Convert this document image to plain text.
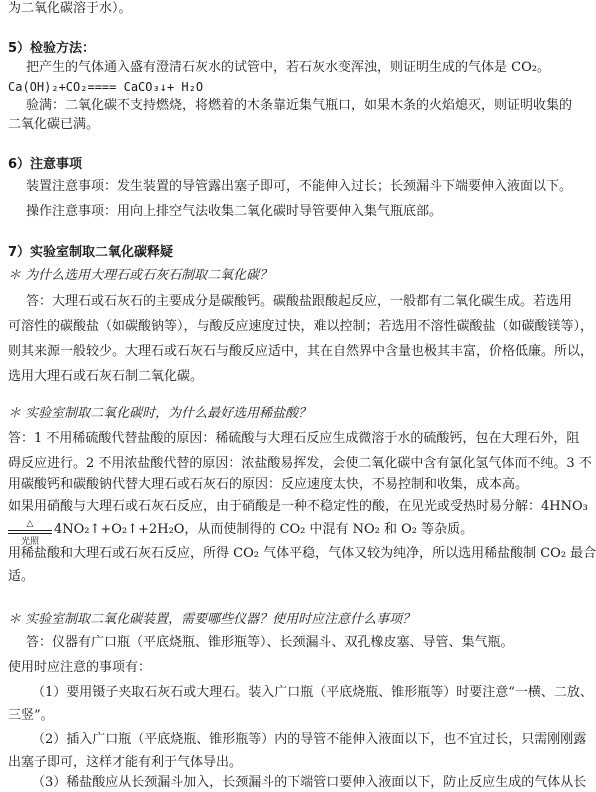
为二氧化碳溶于水）。
5）检验方法：
把产生的气体通入盛有澄清石灰水的试管中，若石灰水变浑浊，则证明生成的气体是 CO₂。
Ca(OH)₂+CO₂==== CaCO₃↓+ H₂O
验满：二氧化碳不支持燃烧，将燃着的木条靠近集气瓶口，如果木条的火焰熄灭，则证明收集的
二氧化碳已满。
6）注意事项
装置注意事项：发生装置的导管露出塞子即可，不能伸入过长；长颈漏斗下端要伸入液面以下。
操作注意事项：用向上排空气法收集二氧化碳时导管要伸入集气瓶底部。
7）实验室制取二氧化碳释疑
＊ 为什么选用大理石或石灰石制取二氧化碳？
答：大理石或石灰石的主要成分是碳酸钙。碳酸盐跟酸起反应，一般都有二氧化碳生成。若选用
可溶性的碳酸盐（如碳酸钠等），与酸反应速度过快，难以控制；若选用不溶性碳酸盐（如碳酸镁等），
则其来源一般较少。大理石或石灰石与酸反应适中，其在自然界中含量也极其丰富，价格低廉。所以，
选用大理石或石灰石制二氧化碳。
＊ 实验室制取二氧化碳时，为什么最好选用稀盐酸？
答：1 不用稀硫酸代替盐酸的原因：稀硫酸与大理石反应生成微溶于水的硫酸钙，包在大理石外，阻
碍反应进行。2 不用浓盐酸代替的原因：浓盐酸易挥发，会使二氧化碳中含有氯化氢气体而不纯。3 不
用碳酸钙和碳酸钠代替大理石或石灰石的原因：反应速度太快，不易控制和收集，成本高。
如果用硝酸与大理石或石灰石反应，由于硝酸是一种不稳定性的酸，在见光或受热时易分解：4HNO₃
△
光照
4NO₂↑+O₂↑+2H₂O，从而使制得的 CO₂ 中混有 NO₂ 和 O₂ 等杂质。
用稀盐酸和大理石或石灰石反应，所得 CO₂ 气体平稳，气体又较为纯净，所以选用稀盐酸制 CO₂ 最合
适。
＊ 实验室制取二氧化碳装置，需要哪些仪器？使用时应注意什么事项？
答：仪器有广口瓶（平底烧瓶、锥形瓶等）、长颈漏斗、双孔橡皮塞、导管、集气瓶。
使用时应注意的事项有：
（1）要用镊子夹取石灰石或大理石。装入广口瓶（平底烧瓶、锥形瓶等）时要注意“一横、二放、
三竖”。
（2）插入广口瓶（平底烧瓶、锥形瓶等）内的导管不能伸入液面以下，也不宜过长，只需刚刚露
出塞子即可，这样才能有利于气体导出。
（3）稀盐酸应从长颈漏斗加入，长颈漏斗的下端管口要伸入液面以下，防止反应生成的气体从长
